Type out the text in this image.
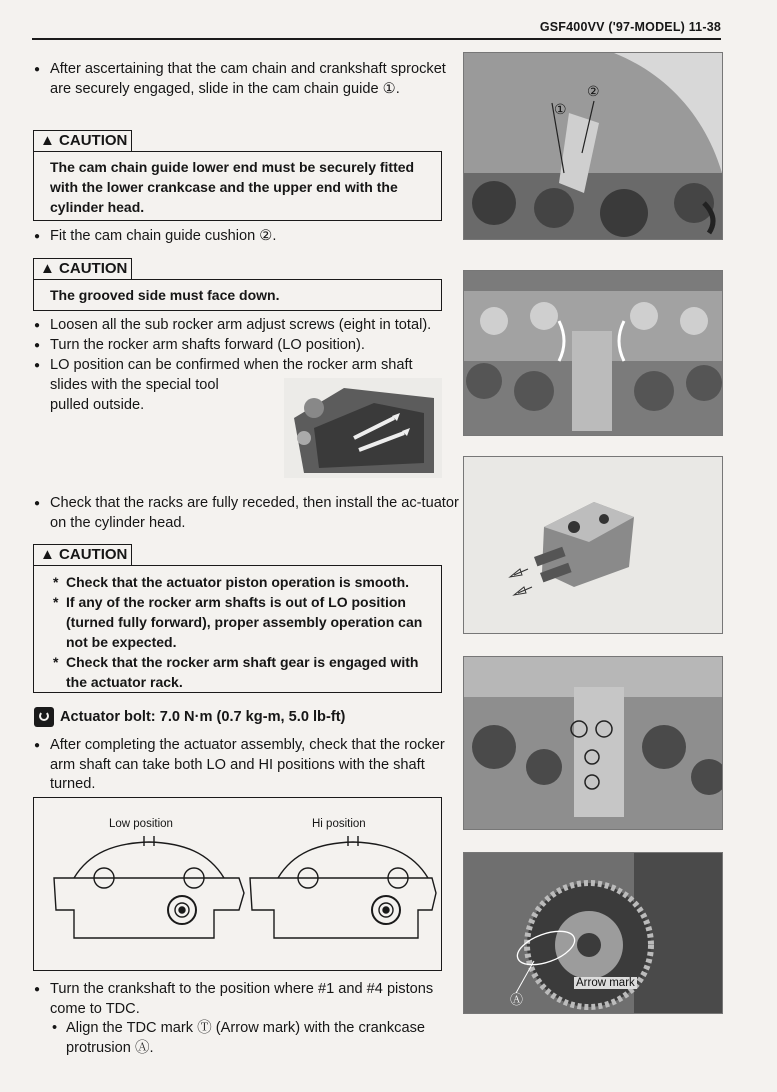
GSF400VV ('97-MODEL) 11-38
● After ascertaining that the cam chain and crankshaft sprocket are securely engaged, slide in the cam chain guide ①.
▲ CAUTION
The cam chain guide lower end must be securely fitted with the lower crankcase and the upper end with the cylinder head.
● Fit the cam chain guide cushion ②.
▲ CAUTION
The grooved side must face down.
● Loosen all the sub rocker arm adjust screws (eight in total).
● Turn the rocker arm shafts forward (LO position).
● LO position can be confirmed when the rocker arm shaft
slides with the special tool
pulled outside.
● Check that the racks are fully receded, then install the ac-tuator on the cylinder head.
▲ CAUTION
* Check that the actuator piston operation is smooth.
* If any of the rocker arm shafts is out of LO position (turned fully forward), proper assembly operation can not be expected.
* Check that the rocker arm shaft gear is engaged with the actuator rack.
Actuator bolt: 7.0 N·m (0.7 kg-m, 5.0 lb-ft)
● After completing the actuator assembly, check that the rocker arm shaft can take both LO and HI positions with the shaft turned.
Low position	Hi position
● Turn the crankshaft to the position where #1 and #4 pistons come to TDC.
• Align the TDC mark Ⓣ (Arrow mark) with the crankcase protrusion Ⓐ.
①
②
Arrow mark
Ⓐ
